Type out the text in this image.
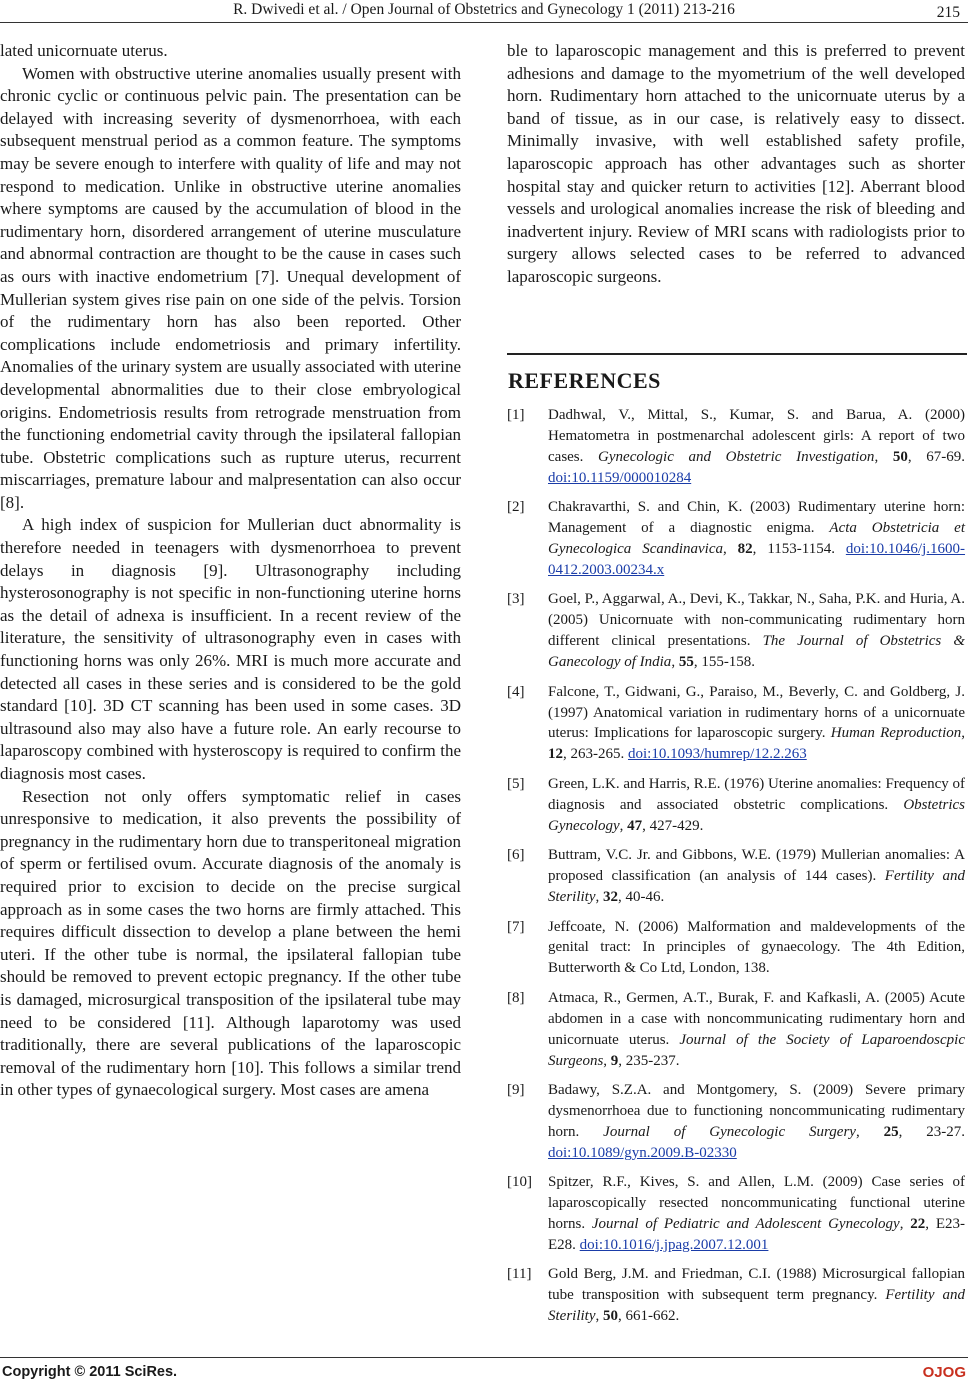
R. Dwivedi et al. / Open Journal of Obstetrics and Gynecology 1 (2011) 213-216	215

lated unicornuate uterus.

Women with obstructive uterine anomalies usually present with chronic cyclic or continuous pelvic pain. The presentation can be delayed with increasing severity of dysmenorrhoea, with each subsequent menstrual period as a common feature. The symptoms may be severe enough to interfere with quality of life and may not respond to medication. Unlike in obstructive uterine anomalies where symptoms are caused by the accumulation of blood in the rudimentary horn, disordered arrangement of uterine musculature and abnormal contraction are thought to be the cause in cases such as ours with inactive endometrium [7]. Unequal development of Mullerian system gives rise pain on one side of the pelvis. Torsion of the rudimentary horn has also been reported. Other complications include endometriosis and primary infertility. Anomalies of the urinary system are usually associated with uterine developmental abnormalities due to their close embryological origins. Endometriosis results from retrograde menstruation from the functioning endometrial cavity through the ipsilateral fallopian tube. Obstetric complications such as rupture uterus, recurrent miscarriages, premature labour and malpresentation can also occur [8].

A high index of suspicion for Mullerian duct abnormality is therefore needed in teenagers with dysmenorrhoea to prevent delays in diagnosis [9]. Ultrasonography including hysterosonography is not specific in non-functioning uterine horns as the detail of adnexa is insufficient. In a recent review of the literature, the sensitivity of ultrasonography even in cases with functioning horns was only 26%. MRI is much more accurate and detected all cases in these series and is considered to be the gold standard [10]. 3D CT scanning has been used in some cases. 3D ultrasound also may also have a future role. An early recourse to laparoscopy combined with hysteroscopy is required to confirm the diagnosis most cases.

Resection not only offers symptomatic relief in cases unresponsive to medication, it also prevents the possibility of pregnancy in the rudimentary horn due to transperitoneal migration of sperm or fertilised ovum. Accurate diagnosis of the anomaly is required prior to excision to decide on the precise surgical approach as in some cases the two horns are firmly attached. This requires difficult dissection to develop a plane between the hemi uteri. If the other tube is normal, the ipsilateral fallopian tube should be removed to prevent ectopic pregnancy. If the other tube is damaged, microsurgical transposition of the ipsilateral tube may need to be considered [11]. Although laparotomy was used traditionally, there are several publications of the laparoscopic removal of the rudimentary horn [10]. This follows a similar trend in other types of gynaecological surgery. Most cases are amena

ble to laparoscopic management and this is preferred to prevent adhesions and damage to the myometrium of the well developed horn. Rudimentary horn attached to the unicornuate uterus by a band of tissue, as in our case, is relatively easy to dissect. Minimally invasive, with well established safety profile, laparoscopic approach has other advantages such as shorter hospital stay and quicker return to activities [12]. Aberrant blood vessels and urological anomalies increase the risk of bleeding and inadvertent injury. Review of MRI scans with radiologists prior to surgery allows selected cases to be referred to advanced laparoscopic surgeons.

REFERENCES
[1]	Dadhwal, V., Mittal, S., Kumar, S. and Barua, A. (2000) Hematometra in postmenarchal adolescent girls: A report of two cases. Gynecologic and Obstetric Investigation, 50, 67-69. doi:10.1159/000010284
[2]	Chakravarthi, S. and Chin, K. (2003) Rudimentary uterine horn: Management of a diagnostic enigma. Acta Obstetricia et Gynecologica Scandinavica, 82, 1153-1154. doi:10.1046/j.1600-0412.2003.00234.x
[3]	Goel, P., Aggarwal, A., Devi, K., Takkar, N., Saha, P.K. and Huria, A. (2005) Unicornuate with non-communicating rudimentary horn different clinical presentations. The Journal of Obstetrics & Ganecology of India, 55, 155-158.
[4]	Falcone, T., Gidwani, G., Paraiso, M., Beverly, C. and Goldberg, J. (1997) Anatomical variation in rudimentary horns of a unicornuate uterus: Implications for laparoscopic surgery. Human Reproduction, 12, 263-265. doi:10.1093/humrep/12.2.263
[5]	Green, L.K. and Harris, R.E. (1976) Uterine anomalies: Frequency of diagnosis and associated obstetric complications. Obstetrics Gynecology, 47, 427-429.
[6]	Buttram, V.C. Jr. and Gibbons, W.E. (1979) Mullerian anomalies: A proposed classification (an analysis of 144 cases). Fertility and Sterility, 32, 40-46.
[7]	Jeffcoate, N. (2006) Malformation and maldevelopments of the genital tract: In principles of gynaecology. The 4th Edition, Butterworth & Co Ltd, London, 138.
[8]	Atmaca, R., Germen, A.T., Burak, F. and Kafkasli, A. (2005) Acute abdomen in a case with noncommunicating rudimentary horn and unicornuate uterus. Journal of the Society of Laparoendoscpic Surgeons, 9, 235-237.
[9]	Badawy, S.Z.A. and Montgomery, S. (2009) Severe primary dysmenorrhoea due to functioning noncommunicating rudimentary horn. Journal of Gynecologic Surgery, 25, 23-27. doi:10.1089/gyn.2009.B-02330
[10]	Spitzer, R.F., Kives, S. and Allen, L.M. (2009) Case series of laparoscopically resected noncommunicating functional uterine horns. Journal of Pediatric and Adolescent Gynecology, 22, E23-E28. doi:10.1016/j.jpag.2007.12.001
[11]	Gold Berg, J.M. and Friedman, C.I. (1988) Microsurgical fallopian tube transposition with subsequent term pregnancy. Fertility and Sterility, 50, 661-662.
Copyright © 2011 SciRes.	OJOG
